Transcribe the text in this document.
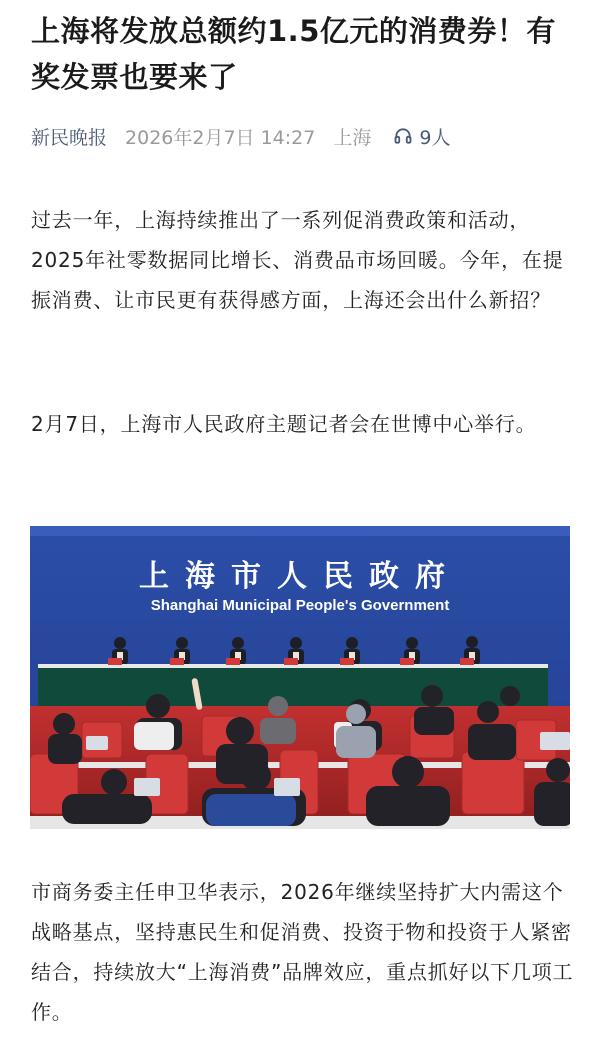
上海将发放总额约1.5亿元的消费券！有奖发票也要来了
新民晚报 2026年2月7日 14:27 上海	9人

过去一年，上海持续推出了一系列促消费政策和活动，2025年社零数据同比增长、消费品市场回暖。今年，在提振消费、让市民更有获得感方面，上海还会出什么新招？

2月7日，上海市人民政府主题记者会在世博中心举行。

上海市人民政府
Shanghai Municipal People's Government

市商务委主任申卫华表示，2026年继续坚持扩大内需这个战略基点，坚持惠民生和促消费、投资于物和投资于人紧密结合，持续放大“上海消费”品牌效应，重点抓好以下几项工作。
